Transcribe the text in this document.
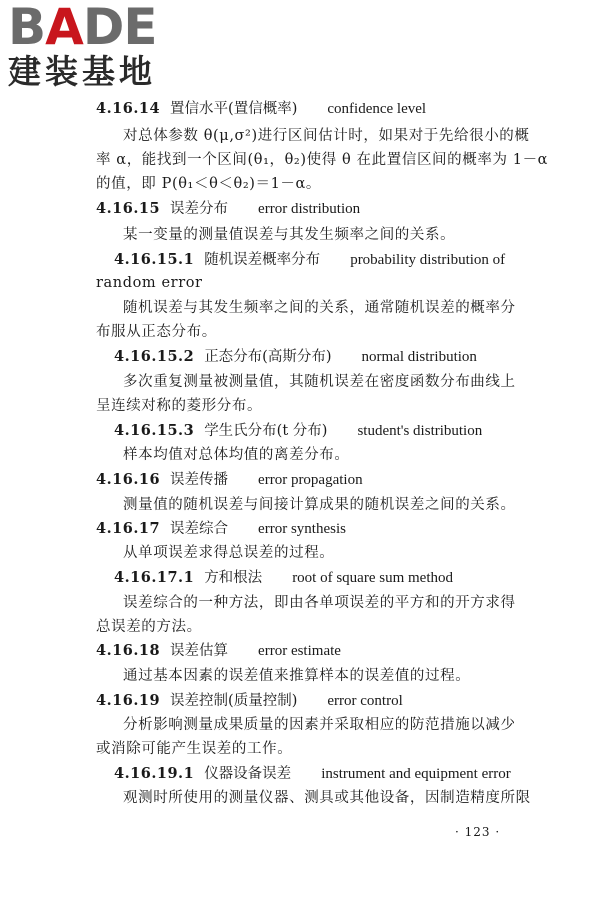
BADE
建装基地
4.16.14 置信水平(置信概率) confidence level
对总体参数 θ(μ,σ²)进行区间估计时，如果对于先给很小的概
率 α，能找到一个区间(θ₁，θ₂)使得 θ 在此置信区间的概率为 1－α
的值，即 P(θ₁＜θ＜θ₂)＝1－α。
4.16.15 误差分布 error distribution
某一变量的测量值误差与其发生频率之间的关系。
4.16.15.1 随机误差概率分布 probability distribution of
random error
随机误差与其发生频率之间的关系，通常随机误差的概率分
布服从正态分布。
4.16.15.2 正态分布(高斯分布) normal distribution
多次重复测量被测量值，其随机误差在密度函数分布曲线上
呈连续对称的菱形分布。
4.16.15.3 学生氏分布(t 分布) student's distribution
样本均值对总体均值的离差分布。
4.16.16 误差传播 error propagation
测量值的随机误差与间接计算成果的随机误差之间的关系。
4.16.17 误差综合 error synthesis
从单项误差求得总误差的过程。
4.16.17.1 方和根法 root of square sum method
误差综合的一种方法，即由各单项误差的平方和的开方求得
总误差的方法。
4.16.18 误差估算 error estimate
通过基本因素的误差值来推算样本的误差值的过程。
4.16.19 误差控制(质量控制) error control
分析影响测量成果质量的因素并采取相应的防范措施以减少
或消除可能产生误差的工作。
4.16.19.1 仪器设备误差 instrument and equipment error
观测时所使用的测量仪器、测具或其他设备，因制造精度所限
· 123 ·
